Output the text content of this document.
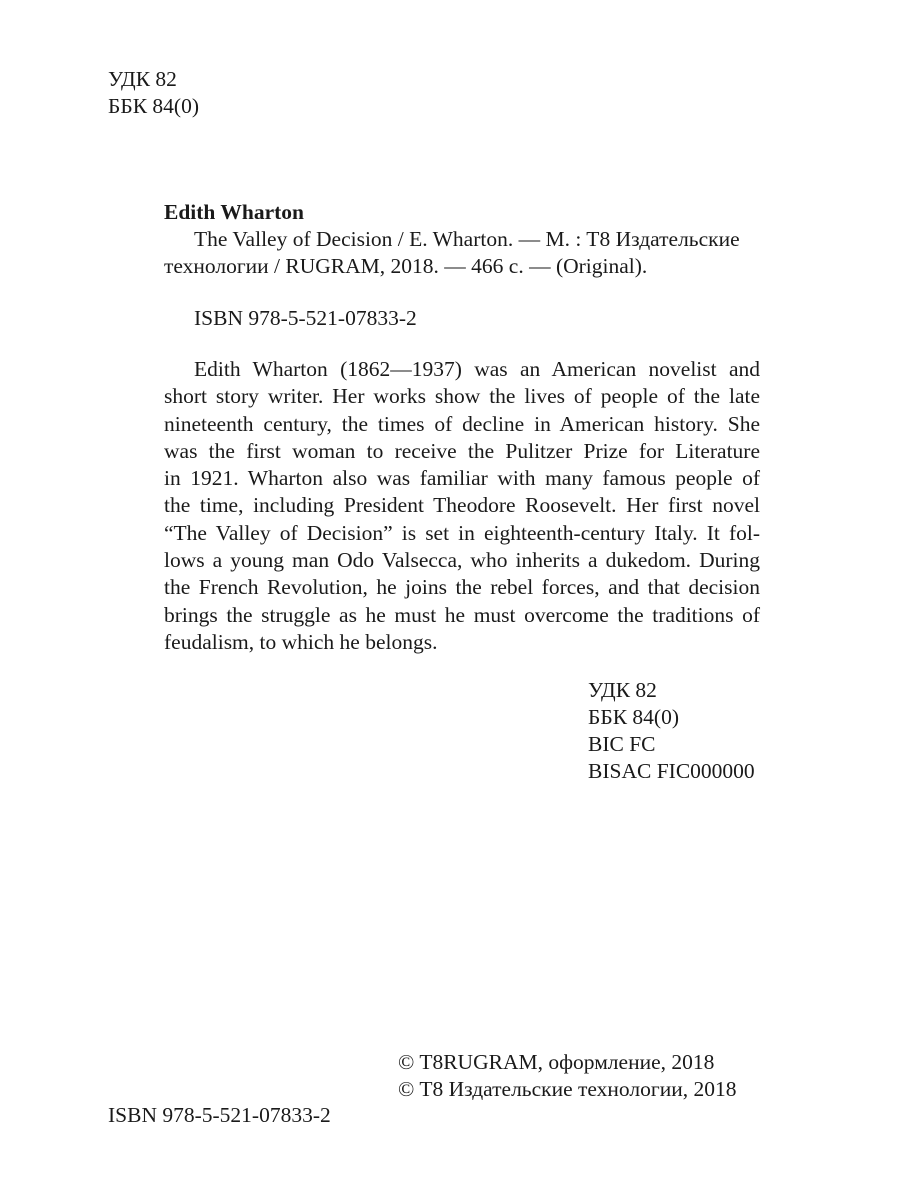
УДК 82
ББК 84(0)
Edith Wharton
The Valley of Decision / E. Wharton. — M. : T8 Издательские
технологии / RUGRAM, 2018. — 466 с. — (Original).
ISBN 978-5-521-07833-2
Edith Wharton (1862—1937) was an American novelist and
short story writer. Her works show the lives of people of the late
nineteenth century, the times of decline in American history. She
was the first woman to receive the Pulitzer Prize for Literature
in 1921. Wharton also was familiar with many famous people of
the time, including President Theodore Roosevelt. Her first novel
“The Valley of Decision” is set in eighteenth-century Italy. It fol-
lows a young man Odo Valsecca, who inherits a dukedom. During
the French Revolution, he joins the rebel forces, and that decision
brings the struggle as he must he must overcome the traditions of
feudalism, to which he belongs.
УДК 82
ББК 84(0)
BIC FC
BISAC FIC000000
© T8RUGRAM, оформление, 2018
© T8 Издательские технологии, 2018
ISBN 978-5-521-07833-2
